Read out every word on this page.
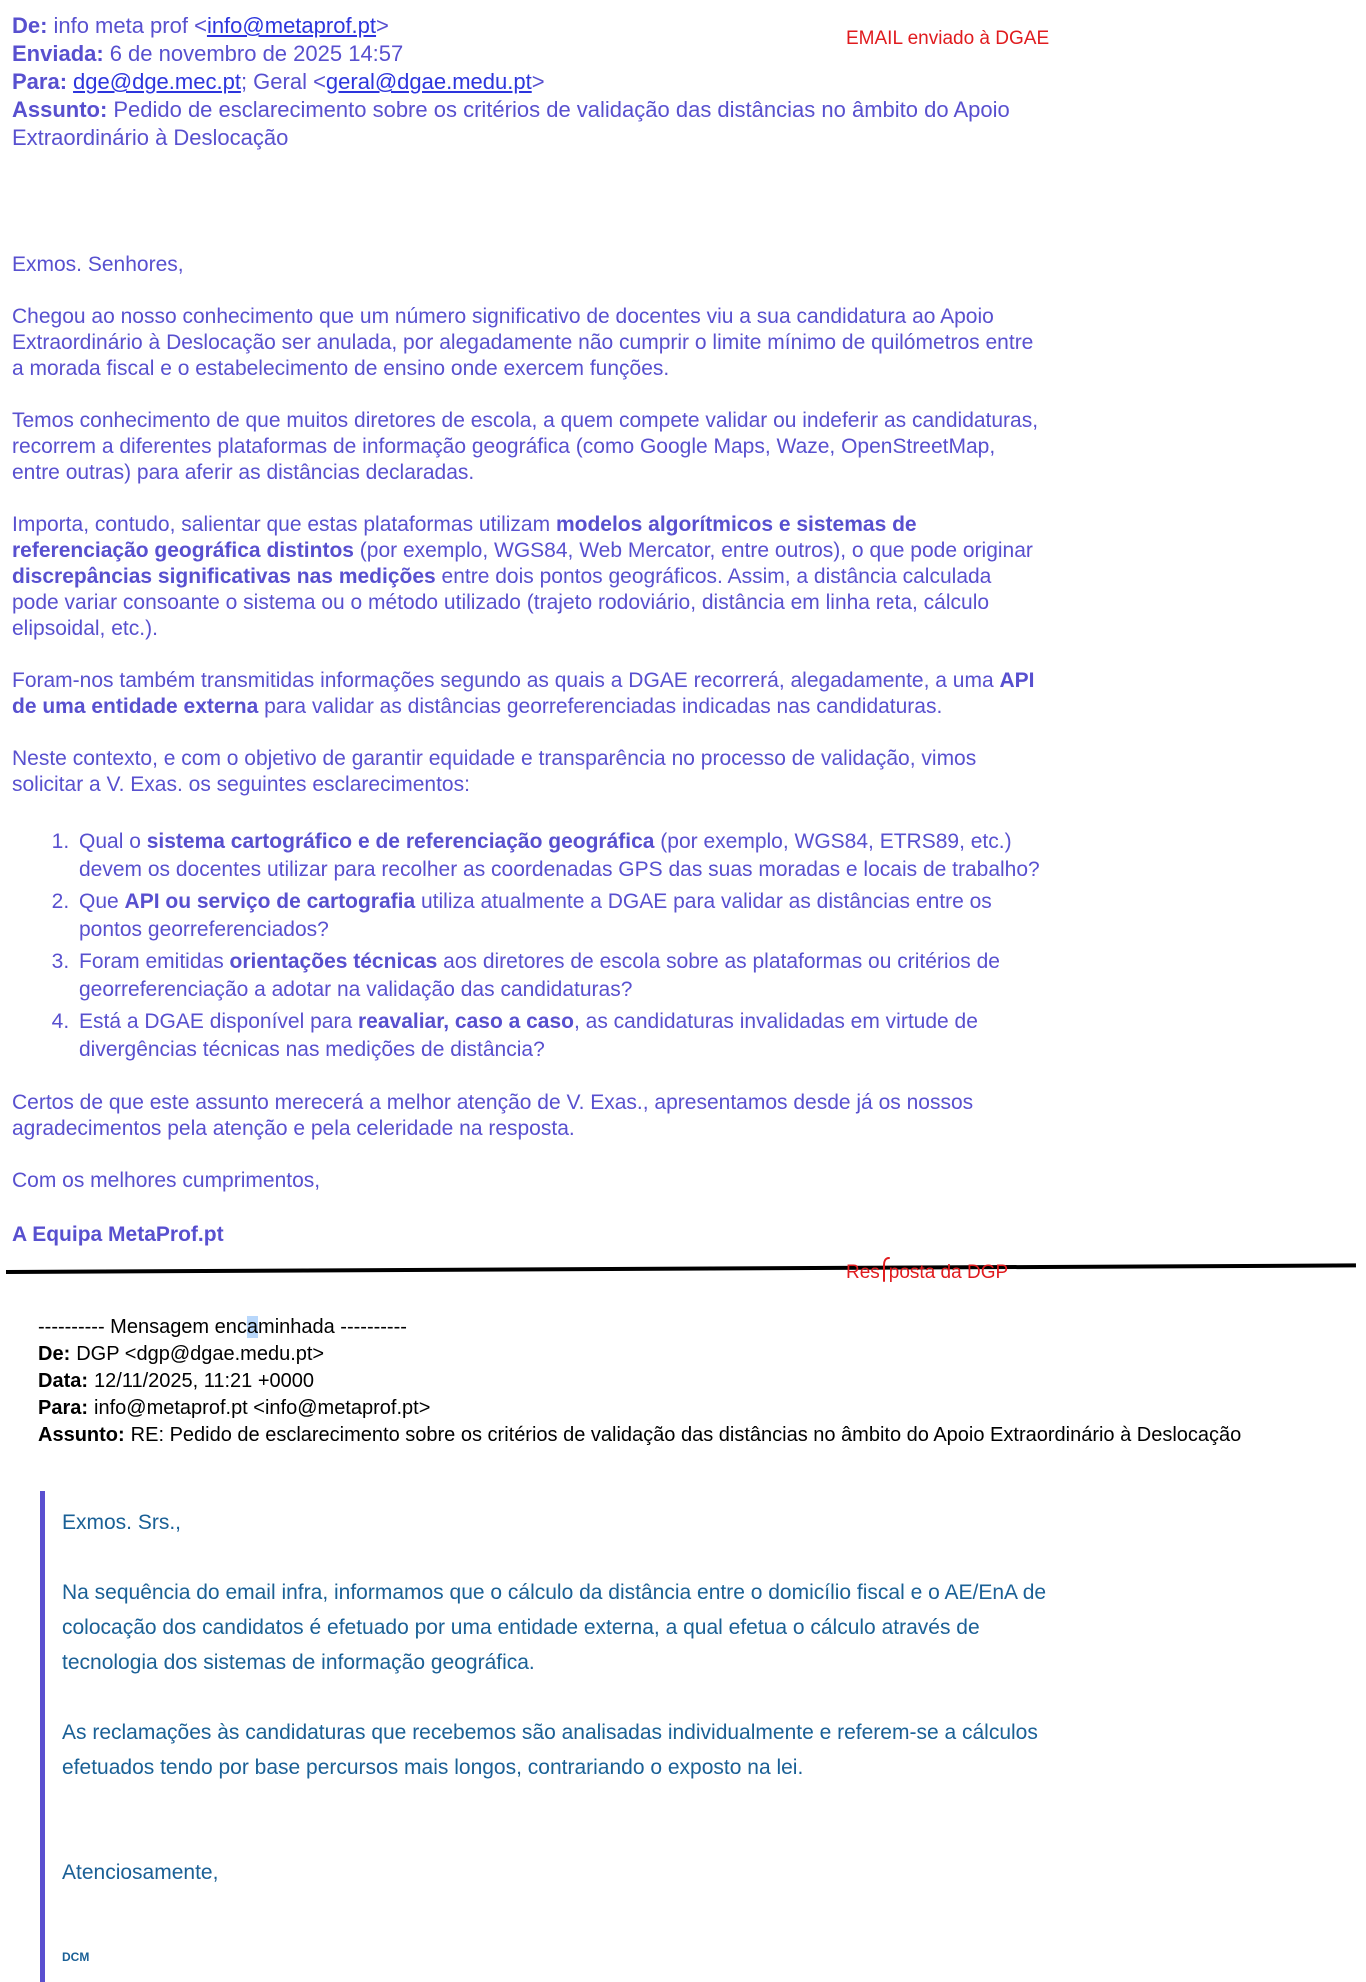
EMAIL enviado à DGAE
De: info meta prof <info@metaprof.pt>
Enviada: 6 de novembro de 2025 14:57
Para: dge@dge.mec.pt; Geral <geral@dgae.medu.pt>
Assunto: Pedido de esclarecimento sobre os critérios de validação das distâncias no âmbito do Apoio Extraordinário à Deslocação

Exmos. Senhores,

Chegou ao nosso conhecimento que um número significativo de docentes viu a sua candidatura ao Apoio Extraordinário à Deslocação ser anulada, por alegadamente não cumprir o limite mínimo de quilómetros entre a morada fiscal e o estabelecimento de ensino onde exercem funções.

Temos conhecimento de que muitos diretores de escola, a quem compete validar ou indeferir as candidaturas, recorrem a diferentes plataformas de informação geográfica (como Google Maps, Waze, OpenStreetMap, entre outras) para aferir as distâncias declaradas.

Importa, contudo, salientar que estas plataformas utilizam modelos algorítmicos e sistemas de referenciação geográfica distintos (por exemplo, WGS84, Web Mercator, entre outros), o que pode originar discrepâncias significativas nas medições entre dois pontos geográficos. Assim, a distância calculada pode variar consoante o sistema ou o método utilizado (trajeto rodoviário, distância em linha reta, cálculo elipsoidal, etc.).

Foram-nos também transmitidas informações segundo as quais a DGAE recorrerá, alegadamente, a uma API de uma entidade externa para validar as distâncias georreferenciadas indicadas nas candidaturas.

Neste contexto, e com o objetivo de garantir equidade e transparência no processo de validação, vimos solicitar a V. Exas. os seguintes esclarecimentos:

1. Qual o sistema cartográfico e de referenciação geográfica (por exemplo, WGS84, ETRS89, etc.) devem os docentes utilizar para recolher as coordenadas GPS das suas moradas e locais de trabalho?
2. Que API ou serviço de cartografia utiliza atualmente a DGAE para validar as distâncias entre os pontos georreferenciados?
3. Foram emitidas orientações técnicas aos diretores de escola sobre as plataformas ou critérios de georreferenciação a adotar na validação das candidaturas?
4. Está a DGAE disponível para reavaliar, caso a caso, as candidaturas invalidadas em virtude de divergências técnicas nas medições de distância?

Certos de que este assunto merecerá a melhor atenção de V. Exas., apresentamos desde já os nossos agradecimentos pela atenção e pela celeridade na resposta.

Com os melhores cumprimentos,

A Equipa MetaProf.pt

Res posta da DGP
---------- Mensagem encaminhada ----------
De: DGP <dgp@dgae.medu.pt>
Data: 12/11/2025, 11:21 +0000
Para: info@metaprof.pt <info@metaprof.pt>
Assunto: RE: Pedido de esclarecimento sobre os critérios de validação das distâncias no âmbito do Apoio Extraordinário à Deslocação

Exmos. Srs.,

Na sequência do email infra, informamos que o cálculo da distância entre o domicílio fiscal e o AE/EnA de colocação dos candidatos é efetuado por uma entidade externa, a qual efetua o cálculo através de tecnologia dos sistemas de informação geográfica.

As reclamações às candidaturas que recebemos são analisadas individualmente e referem-se a cálculos efetuados tendo por base percursos mais longos, contrariando o exposto na lei.

Atenciosamente,

DCM
